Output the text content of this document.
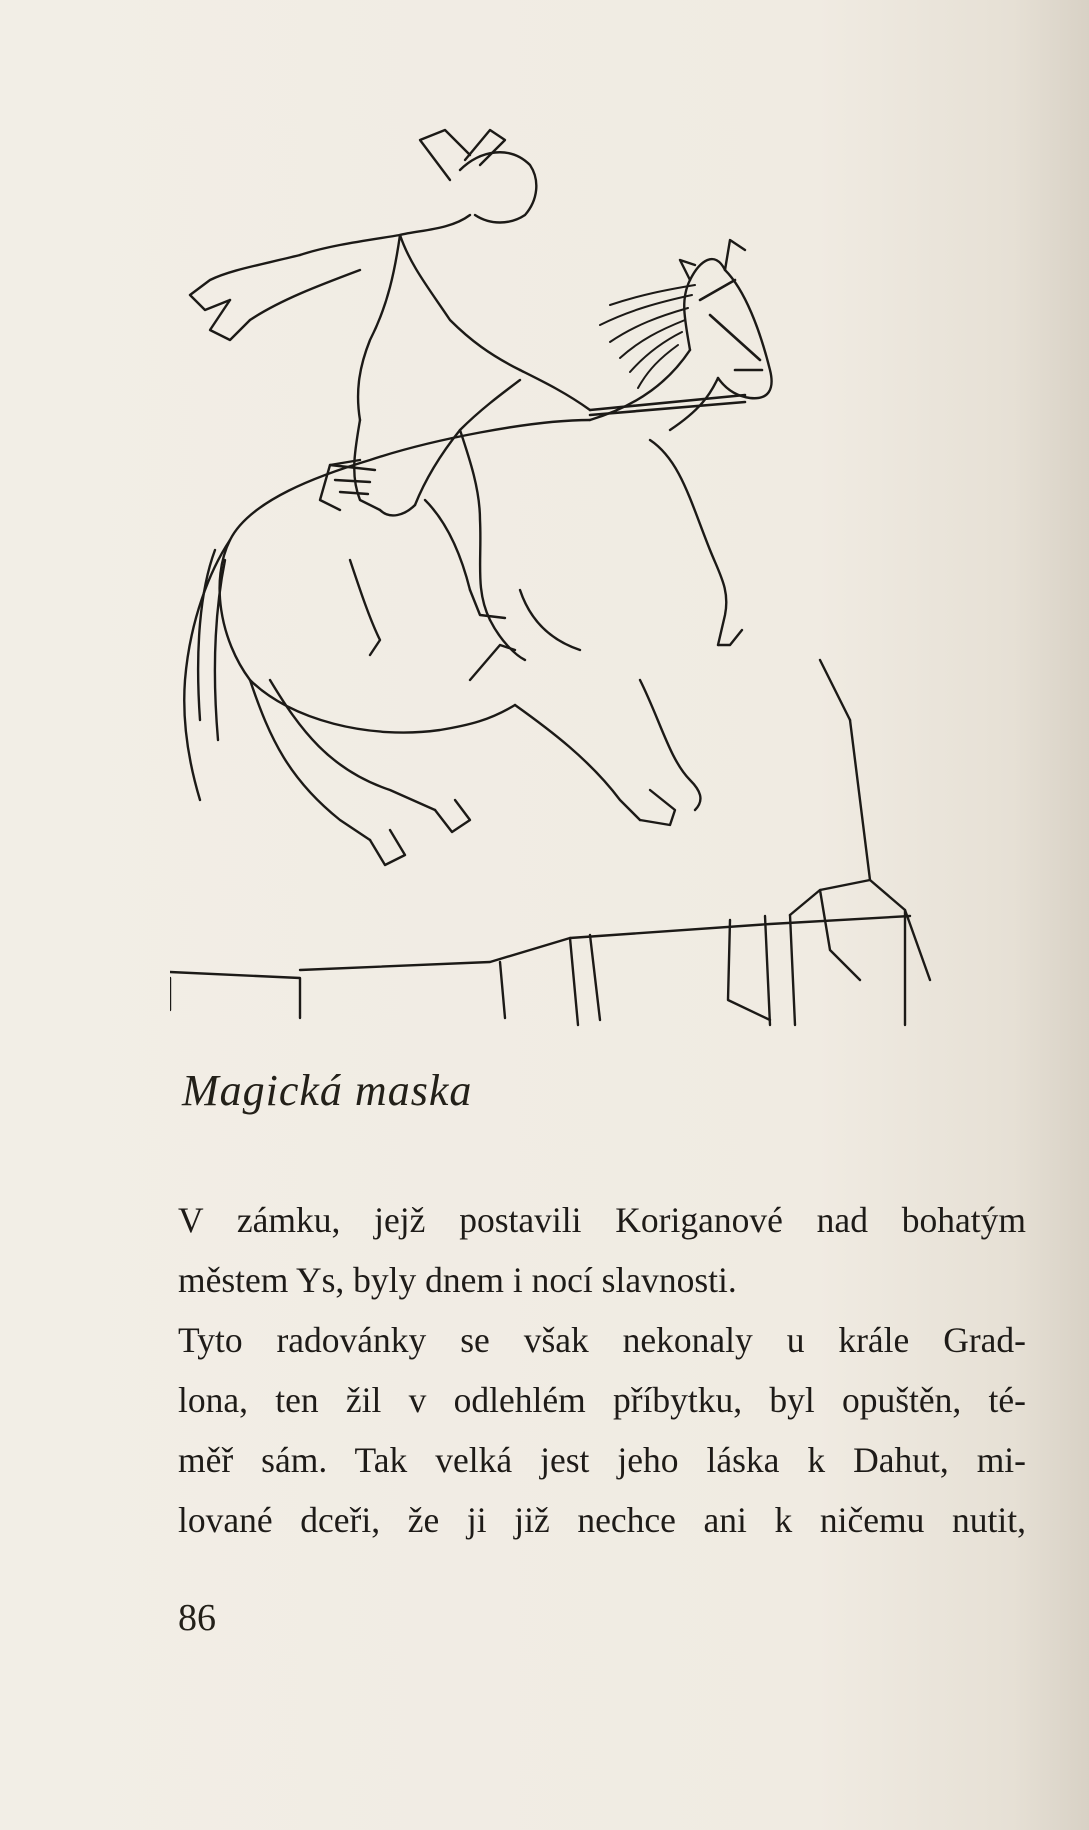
Magická maska
V zámku, jejž postavili Koriganové nad bohatým
městem Ys, byly dnem i nocí slavnosti.
Tyto radovánky se však nekonaly u krále Grad-
lona, ten žil v odlehlém příbytku, byl opuštěn, té-
měř sám. Tak velká jest jeho láska k Dahut, mi-
lované dceři, že ji již nechce ani k ničemu nutit,
86
